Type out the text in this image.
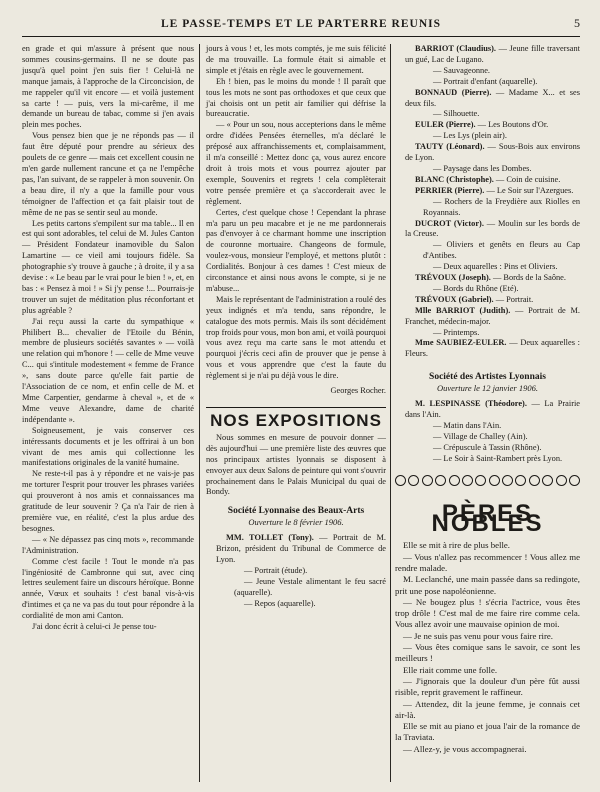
LE PASSE-TEMPS ET LE PARTERRE REUNIS	5

en grade et qui m'assure à présent que nous sommes cousins-germains. Il ne se doute pas jusqu'à quel point j'en suis fier ! Celui-là ne manque jamais, à l'approche de la Circoncision, de me rappeler qu'il vit encore — et voilà justement sa carte ! — puis, vers la mi-carême, il me demande un bureau de tabac, comme si j'en avais plein mes poches.

Vous pensez bien que je ne réponds pas — il faut être député pour prendre au sérieux des poulets de ce genre — mais cet excellent cousin ne m'en garde nullement rancune et ça ne l'empêche pas, l'an suivant, de se rappeler à mon souvenir. On a beau dire, il n'y a que la famille pour vous témoigner de l'affection et ça fait plaisir tout de même de ne pas se sentir seul au monde.

Les petits cartons s'empilent sur ma table... Il en est qui sont adorables, tel celui de M. Jules Canton — Président Fondateur inamovible du Salon Lamartine — ce vieil ami toujours fidèle. Sa photographie s'y trouve à gauche ; à droite, il y a sa devise : « Le beau par le vrai pour le bien ! », et, en bas : « Pensez à moi ! » Si j'y pense !... Pourrais-je trouver un sujet de méditation plus réconfortant et plus agréable ?

J'ai reçu aussi la carte du sympathique « Philibert B... chevalier de l'Etoile du Bénin, membre de plusieurs sociétés savantes » — voilà une relation qui m'honore ! — celle de Mme veuve C... qui s'intitule modestement « femme de France », sans doute parce qu'elle fait partie de l'Association de ce nom, et enfin celle de M. et Mme Carpentier, gendarme à cheval », et de « Mme veuve Alexandre, dame de charité indépendante ».

Soigneusement, je vais conserver ces intéressants documents et je les offrirai à un bon vivant de mes amis qui collectionne les manifestations originales de la vanité humaine.

Ne reste-t-il pas à y répondre et ne vais-je pas me torturer l'esprit pour trouver les phrases variées qui prouveront à nos amis et connaissances ma gratitude de leur souvenir ? Ça n'a l'air de rien à première vue, en réalité, c'est la plus ardue des besognes.

— « Ne dépassez pas cinq mots », recommande l'Administration.

Comme c'est facile ! Tout le monde n'a pas l'ingéniosité de Cambronne qui sut, avec cinq lettres seulement faire un discours héroïque. Bonne année, Vœux et souhaits ! c'est banal vis-à-vis d'intimes et ça ne va pas du tout pour répondre à la cordialité de mon ami Canton.

J'ai donc écrit à celui-ci Je pense tou-

jours à vous ! et, les mots comptés, je me suis félicité de ma trouvaille. La formule était si aimable et simple et j'étais en règle avec le gouvernement.

Eh ! bien, pas le moins du monde ! Il paraît que tous les mots ne sont pas orthodoxes et que ceux que j'ai choisis ont un petit air familier qui défrise la bureaucratie.

— « Pour un sou, nous accepterions dans le même ordre d'idées Pensées éternelles, m'a déclaré le préposé aux affranchissements et, complaisamment, il m'a conseillé : Mettez donc ça, vous aurez encore droit à trois mots et vous pourrez ajouter par exemple, Souvenirs et regrets ! cela complèterait votre pensée première et ça s'accorderait avec le règlement.

Certes, c'est quelque chose ! Cependant la phrase m'a paru un peu macabre et je ne me pardonnerais pas d'envoyer à ce charmant homme une inscription de couronne mortuaire. Changeons de formule, voulez-vous, monsieur l'employé, et mettons plutôt : Cordialités. Bonjour à ces dames ! C'est mieux de circonstance et ainsi nous avons le compte, si je ne m'abuse...

Mais le représentant de l'administration a roulé des yeux indignés et m'a tendu, sans répondre, le catalogue des mots permis. Mais ils sont décidément trop froids pour vous, mon bon ami, et voilà pourquoi vous avez reçu ma carte sans le mot attendu et pourquoi j'écris ceci afin de prouver que je pense à vous et vous apprendre que c'est la faute du règlement si je n'ai pu déjà vous le dire.

Georges Rocher.

NOS EXPOSITIONS

Nous sommes en mesure de pouvoir donner — dès aujourd'hui — une première liste des œuvres que nos principaux artistes lyonnais se disposent à envoyer aux deux Salons de peinture qui vont s'ouvrir prochainement dans le Palais Municipal du quai de Bondy.

Société Lyonnaise des Beaux-Arts
Ouverture le 8 février 1906.

MM. TOLLET (Tony). — Portrait de M. Brizon, président du Tribunal de Commerce de Lyon.

— Portrait (étude).

— Jeune Vestale alimentant le feu sacré (aquarelle).

— Repos (aquarelle).

BARRIOT (Claudius). — Jeune fille traversant un gué, Lac de Lugano.

— Sauvageonne.

— Portrait d'enfant (aquarelle).

BONNAUD (Pierre). — Madame X... et ses deux fils.

— Silhouette.

EULER (Pierre). — Les Boutons d'Or.

— Les Lys (plein air).

TAUTY (Léonard). — Sous-Bois aux environs de Lyon.

— Paysage dans les Dombes.

BLANC (Christophe). — Coin de cuisine.

PERRIER (Pierre). — Le Soir sur l'Azergues.

— Rochers de la Freydière aux Riolles en Royannais.

DUCROT (Victor). — Moulin sur les bords de la Creuse.

— Oliviers et genêts en fleurs au Cap d'Antibes.

— Deux aquarelles : Pins et Oliviers.

TRÉVOUX (Joseph). — Bords de la Saône.

— Bords du Rhône (Eté).

TRÉVOUX (Gabriel). — Portrait.

Mlle BARRIOT (Judith). — Portrait de M. Franchet, médecin-major.

— Printemps.

Mme SAUBIEZ-EULER. — Deux aquarelles : Fleurs.

Société des Artistes Lyonnais
Ouverture le 12 janvier 1906.

M. LESPINASSE (Théodore). — La Prairie dans l'Ain.

— Matin dans l'Ain.

— Village de Challey (Ain).

— Crépuscule à Tassin (Rhône).

— Le Soir à Saint-Rambert près Lyon.

PÈRES NOBLES

Elle se mit à rire de plus belle.

— Vous n'allez pas recommencer ! Vous allez me rendre malade.

M. Leclanché, une main passée dans sa redingote, prit une pose napoléonienne.

— Ne bougez plus ! s'écria l'actrice, vous êtes trop drôle ! C'est mal de me faire rire comme cela. Vous allez avoir une mauvaise opinion de moi.

— Je ne suis pas venu pour vous faire rire.

— Vous êtes comique sans le savoir, ce sont les meilleurs !

Elle riait comme une folle.

— J'ignorais que la douleur d'un père fût aussi risible, reprit gravement le raffineur.

— Attendez, dit la jeune femme, je connais cet air-là.

Elle se mit au piano et joua l'air de la romance de la Traviata.

— Allez-y, je vous accompagnerai.
